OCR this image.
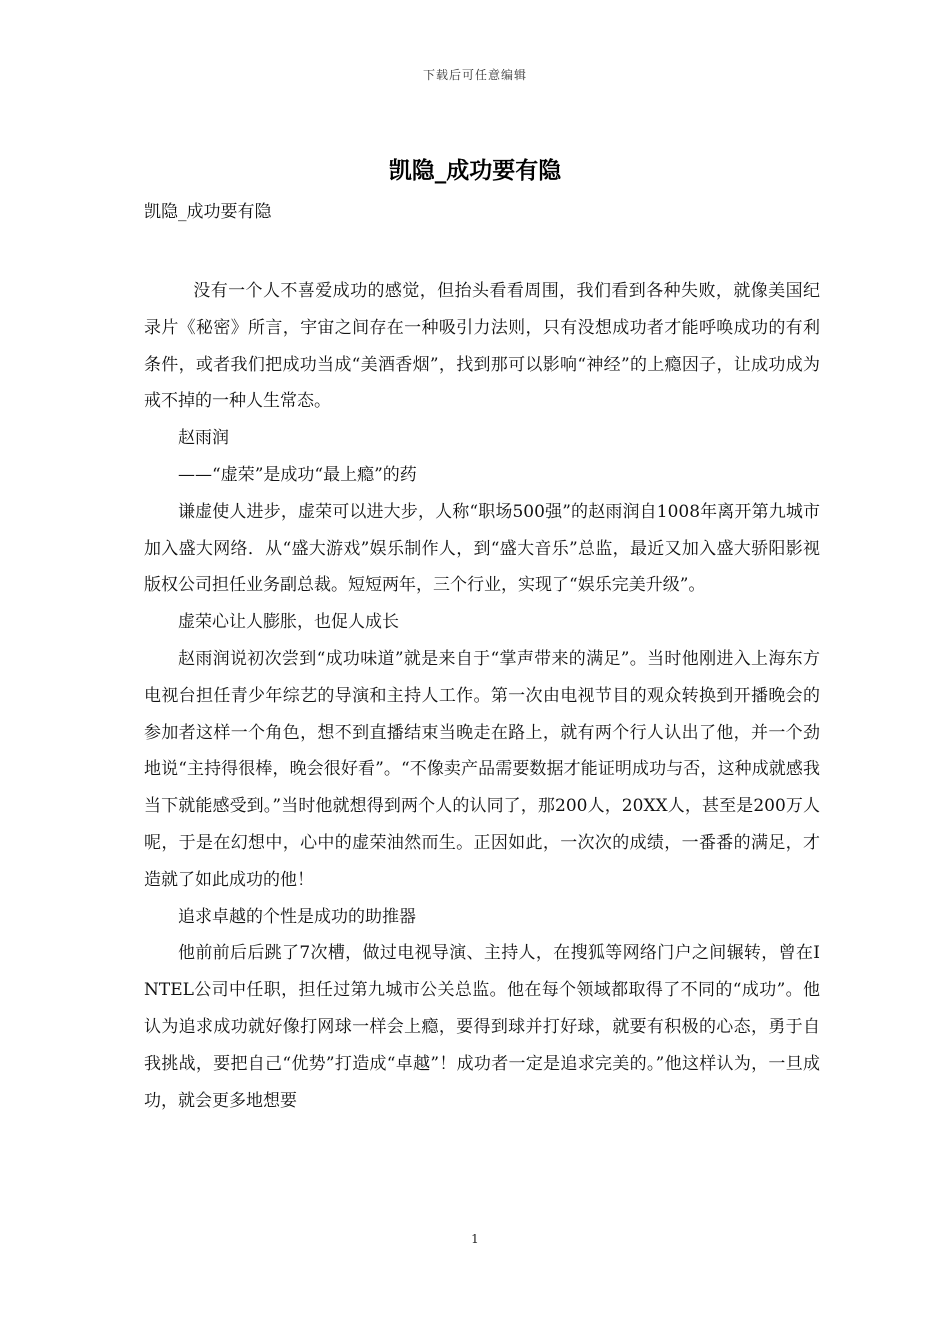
下载后可任意编辑
凯隐_成功要有隐
凯隐_成功要有隐

没有一个人不喜爱成功的感觉，但抬头看看周围，我们看到各种失败，就像美国纪录片《秘密》所言，宇宙之间存在一种吸引力法则，只有没想成功者才能呼唤成功的有利条件，或者我们把成功当成“美酒香烟”，找到那可以影响“神经”的上瘾因子，让成功成为戒不掉的一种人生常态。

赵雨润

——“虚荣”是成功“最上瘾”的药

谦虚使人进步，虚荣可以进大步，人称“职场500强”的赵雨润自1008年离开第九城市加入盛大网络．从“盛大游戏”娱乐制作人，到“盛大音乐”总监，最近又加入盛大骄阳影视版权公司担任业务副总裁。短短两年，三个行业，实现了“娱乐完美升级”。

虚荣心让人膨胀，也促人成长

赵雨润说初次尝到“成功味道”就是来自于“掌声带来的满足”。当时他刚进入上海东方电视台担任青少年综艺的导演和主持人工作。第一次由电视节目的观众转换到开播晚会的参加者这样一个角色，想不到直播结束当晚走在路上，就有两个行人认出了他，并一个劲地说“主持得很棒，晚会很好看”。“不像卖产品需要数据才能证明成功与否，这种成就感我当下就能感受到。”当时他就想得到两个人的认同了，那200人，20XX人，甚至是200万人呢，于是在幻想中，心中的虚荣油然而生。正因如此，一次次的成绩，一番番的满足，才造就了如此成功的他！

追求卓越的个性是成功的助推器

他前前后后跳了7次槽，做过电视导演、主持人，在搜狐等网络门户之间辗转，曾在INTEL公司中任职，担任过第九城市公关总监。他在每个领域都取得了不同的“成功”。他认为追求成功就好像打网球一样会上瘾，要得到球并打好球，就要有积极的心态，勇于自我挑战，要把自己“优势”打造成“卓越”！成功者一定是追求完美的。”他这样认为，一旦成功，就会更多地想要

1
